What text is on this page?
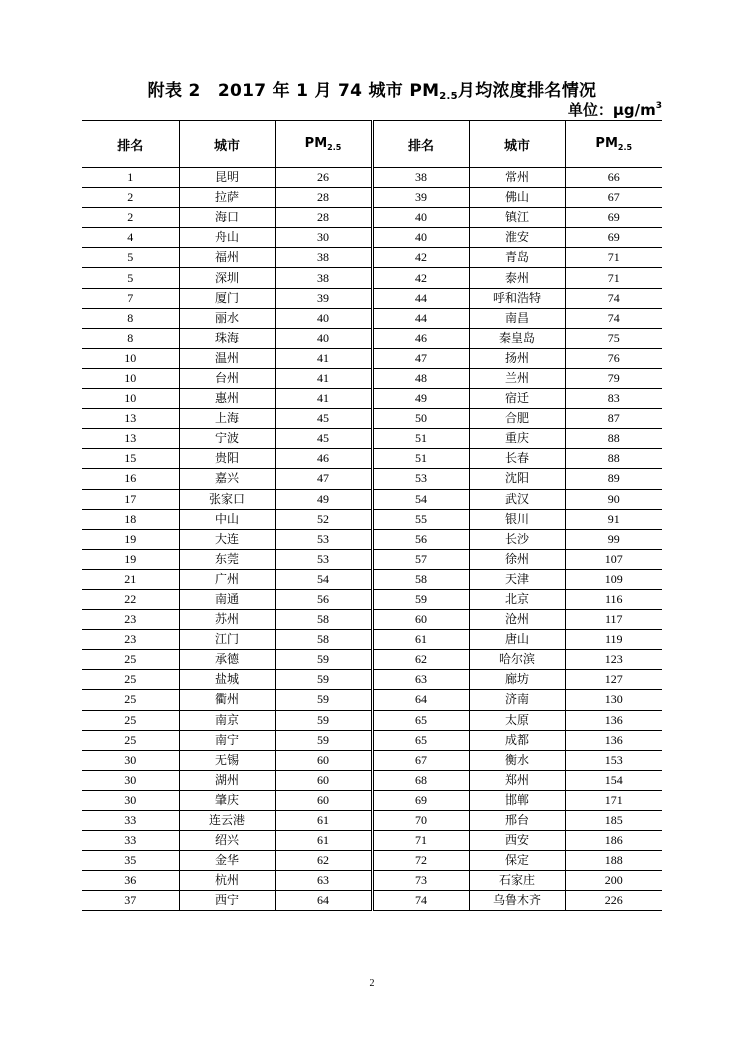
附表 2　2017 年 1 月 74 城市 $PM_{2.5}$月均浓度排名情况
单位：$\mu g/m^3$
排名	城市	$PM_{2.5}$	排名	城市	$PM_{2.5}$
1	昆明	26	38	常州	66
2	拉萨	28	39	佛山	67
2	海口	28	40	镇江	69
4	舟山	30	40	淮安	69
5	福州	38	42	青岛	71
5	深圳	38	42	泰州	71
7	厦门	39	44	呼和浩特	74
8	丽水	40	44	南昌	74
8	珠海	40	46	秦皇岛	75
10	温州	41	47	扬州	76
10	台州	41	48	兰州	79
10	惠州	41	49	宿迁	83
13	上海	45	50	合肥	87
13	宁波	45	51	重庆	88
15	贵阳	46	51	长春	88
16	嘉兴	47	53	沈阳	89
17	张家口	49	54	武汉	90
18	中山	52	55	银川	91
19	大连	53	56	长沙	99
19	东莞	53	57	徐州	107
21	广州	54	58	天津	109
22	南通	56	59	北京	116
23	苏州	58	60	沧州	117
23	江门	58	61	唐山	119
25	承德	59	62	哈尔滨	123
25	盐城	59	63	廊坊	127
25	衢州	59	64	济南	130
25	南京	59	65	太原	136
25	南宁	59	65	成都	136
30	无锡	60	67	衡水	153
30	湖州	60	68	郑州	154
30	肇庆	60	69	邯郸	171
33	连云港	61	70	邢台	185
33	绍兴	61	71	西安	186
35	金华	62	72	保定	188
36	杭州	63	73	石家庄	200
37	西宁	64	74	乌鲁木齐	226
2
